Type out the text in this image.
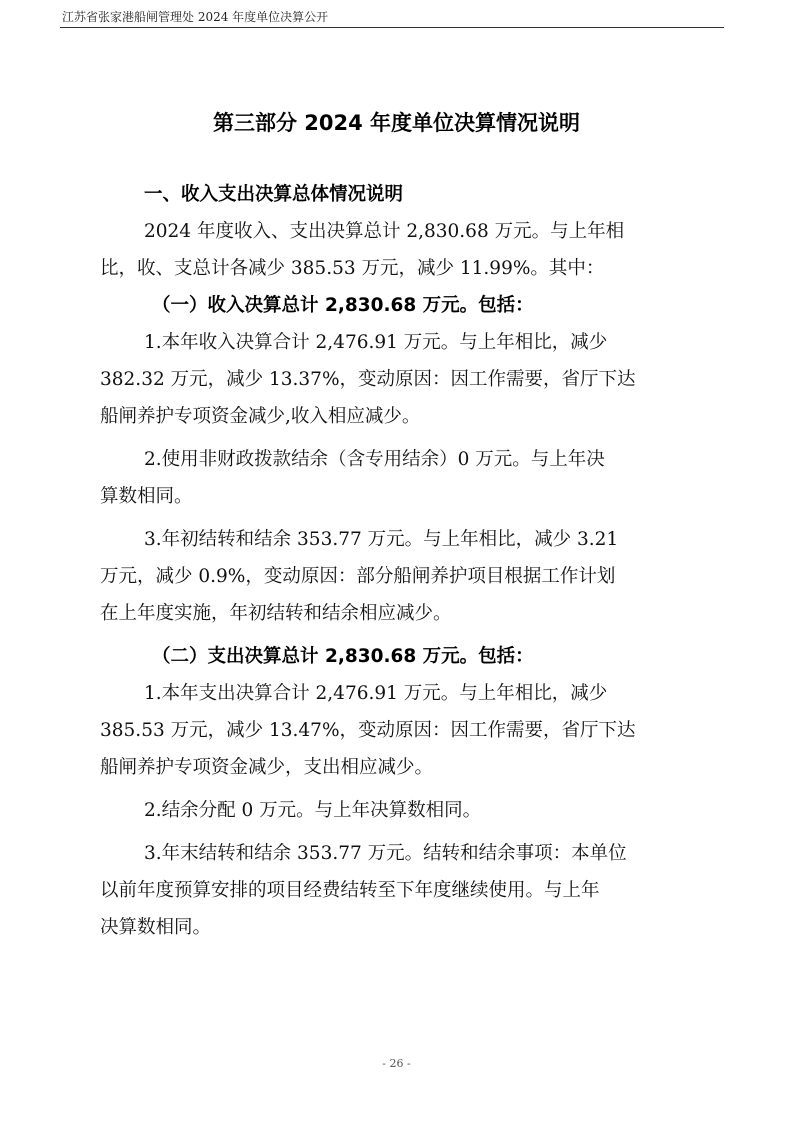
江苏省张家港船闸管理处 2024 年度单位决算公开
第三部分 2024 年度单位决算情况说明
一、收入支出决算总体情况说明
2024 年度收入、支出决算总计 2,830.68 万元。与上年相
比，收、支总计各减少 385.53 万元，减少 11.99%。其中：
（一）收入决算总计 2,830.68 万元。包括：
1.本年收入决算合计 2,476.91 万元。与上年相比，减少
382.32 万元，减少 13.37%，变动原因：因工作需要，省厅下达
船闸养护专项资金减少,收入相应减少。
2.使用非财政拨款结余（含专用结余）0 万元。与上年决
算数相同。
3.年初结转和结余 353.77 万元。与上年相比，减少 3.21
万元，减少 0.9%，变动原因：部分船闸养护项目根据工作计划
在上年度实施，年初结转和结余相应减少。
（二）支出决算总计 2,830.68 万元。包括：
1.本年支出决算合计 2,476.91 万元。与上年相比，减少
385.53 万元，减少 13.47%，变动原因：因工作需要，省厅下达
船闸养护专项资金减少，支出相应减少。
2.结余分配 0 万元。与上年决算数相同。
3.年末结转和结余 353.77 万元。结转和结余事项：本单位
以前年度预算安排的项目经费结转至下年度继续使用。与上年
决算数相同。
- 26 -
